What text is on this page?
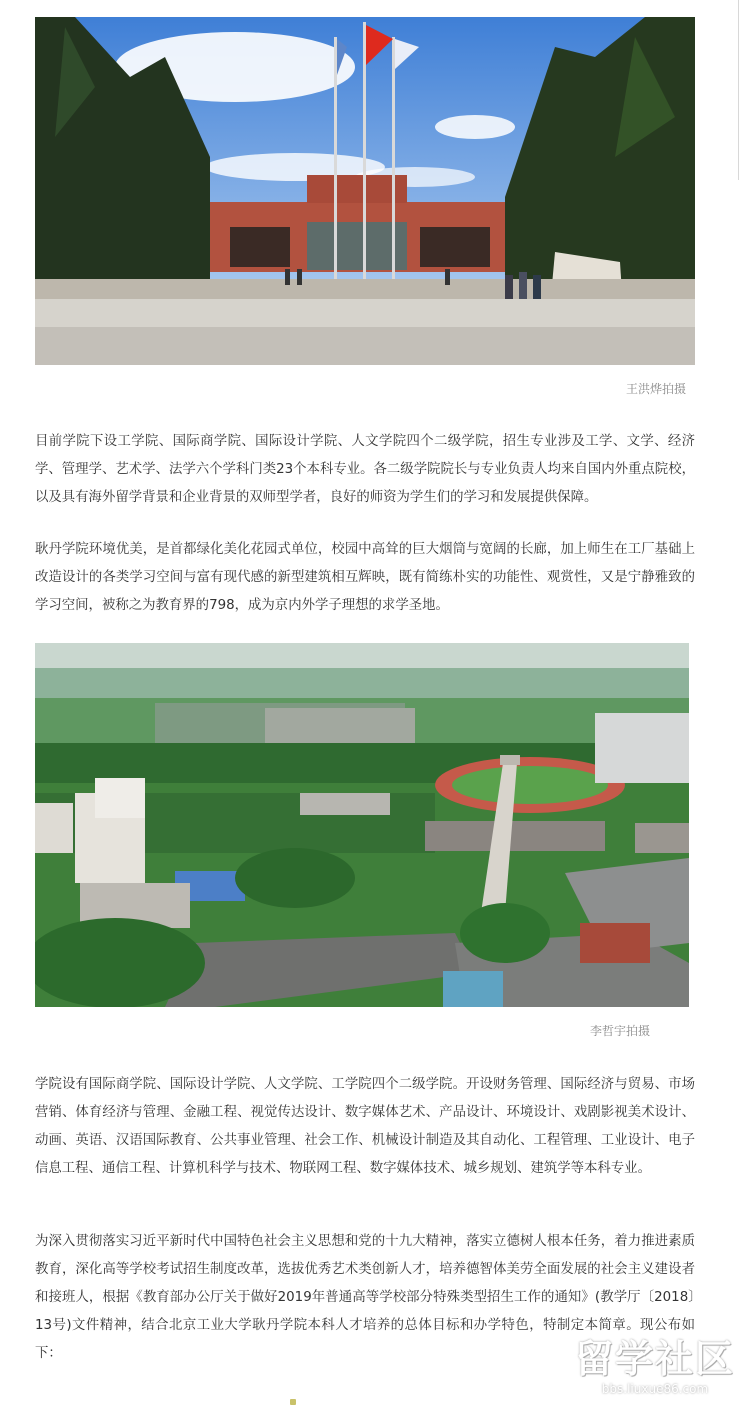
王洪烨拍摄

目前学院下设工学院、国际商学院、国际设计学院、人文学院四个二级学院，招生专业涉及工学、文学、经济学、管理学、艺术学、法学六个学科门类23个本科专业。各二级学院院长与专业负责人均来自国内外重点院校，以及具有海外留学背景和企业背景的双师型学者，良好的师资为学生们的学习和发展提供保障。

耿丹学院环境优美，是首都绿化美化花园式单位，校园中高耸的巨大烟筒与宽阔的长廊，加上师生在工厂基础上改造设计的各类学习空间与富有现代感的新型建筑相互辉映，既有简练朴实的功能性、观赏性，又是宁静雅致的学习空间，被称之为教育界的798，成为京内外学子理想的求学圣地。

李哲宇拍摄

学院设有国际商学院、国际设计学院、人文学院、工学院四个二级学院。开设财务管理、国际经济与贸易、市场营销、体育经济与管理、金融工程、视觉传达设计、数字媒体艺术、产品设计、环境设计、戏剧影视美术设计、动画、英语、汉语国际教育、公共事业管理、社会工作、机械设计制造及其自动化、工程管理、工业设计、电子信息工程、通信工程、计算机科学与技术、物联网工程、数字媒体技术、城乡规划、建筑学等本科专业。

为深入贯彻落实习近平新时代中国特色社会主义思想和党的十九大精神，落实立德树人根本任务，着力推进素质教育，深化高等学校考试招生制度改革，选拔优秀艺术类创新人才，培养德智体美劳全面发展的社会主义建设者和接班人，根据《教育部办公厅关于做好2019年普通高等学校部分特殊类型招生工作的通知》(教学厅〔2018〕13号)文件精神，结合北京工业大学耿丹学院本科人才培养的总体目标和办学特色，特制定本简章。现公布如下：	留学社区
bbs.liuxue86.com
